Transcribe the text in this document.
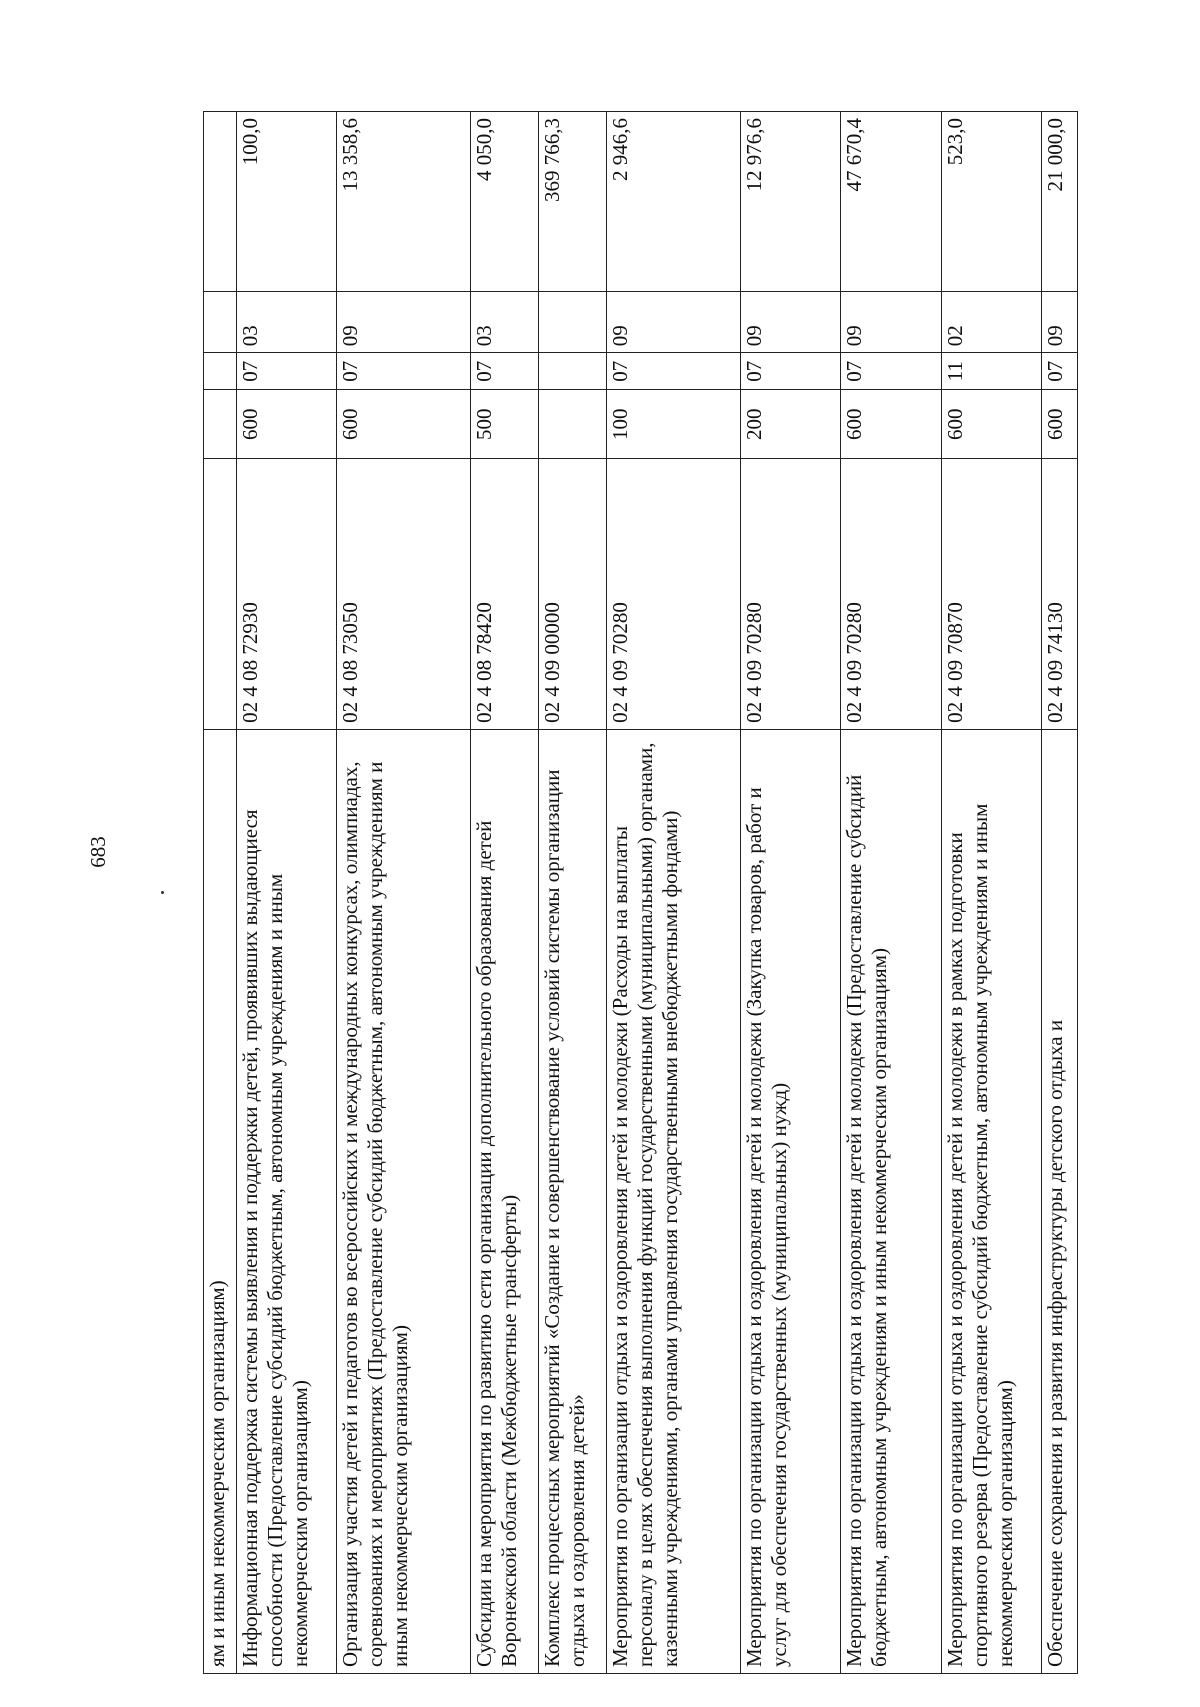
683
ям и иным некоммерческим организациям)					
Информационная поддержка системы выявления и поддержки детей, проявивших выдающиеся способности (Предоставление субсидий бюджетным, автономным учреждениям и иным некоммерческим организациям)	02 4 08 72930	600	07	03	100,0
Организация участия детей и педагогов во всероссийских и международных конкурсах, олимпиадах, соревнованиях и мероприятиях (Предоставление субсидий бюджетным, автономным учреждениям и иным некоммерческим организациям)	02 4 08 73050	600	07	09	13 358,6
Субсидии на мероприятия по развитию сети организации дополнительного образования детей Воронежской области (Межбюджетные трансферты)	02 4 08 78420	500	07	03	4 050,0
Комплекс процессных мероприятий «Создание и совершенствование условий системы организации отдыха и оздоровления детей»	02 4 09 00000				369 766,3
Мероприятия по организации отдыха и оздоровления детей и молодежи (Расходы на выплаты персоналу в целях обеспечения выполнения функций государственными (муниципальными) органами, казенными учреждениями, органами управления государственными внебюджетными фондами)	02 4 09 70280	100	07	09	2 946,6
Мероприятия по организации отдыха и оздоровления детей и молодежи (Закупка товаров, работ и услуг для обеспечения государственных (муниципальных) нужд)	02 4 09 70280	200	07	09	12 976,6
Мероприятия по организации отдыха и оздоровления детей и молодежи (Предоставление субсидий бюджетным, автономным учреждениям и иным некоммерческим организациям)	02 4 09 70280	600	07	09	47 670,4
Мероприятия по организации отдыха и оздоровления детей и молодежи в рамках подготовки спортивного резерва (Предоставление субсидий бюджетным, автономным учреждениям и иным некоммерческим организациям)	02 4 09 70870	600	11	02	523,0
Обеспечение сохранения и развития инфраструктуры детского отдыха и	02 4 09 74130	600	07	09	21 000,0
